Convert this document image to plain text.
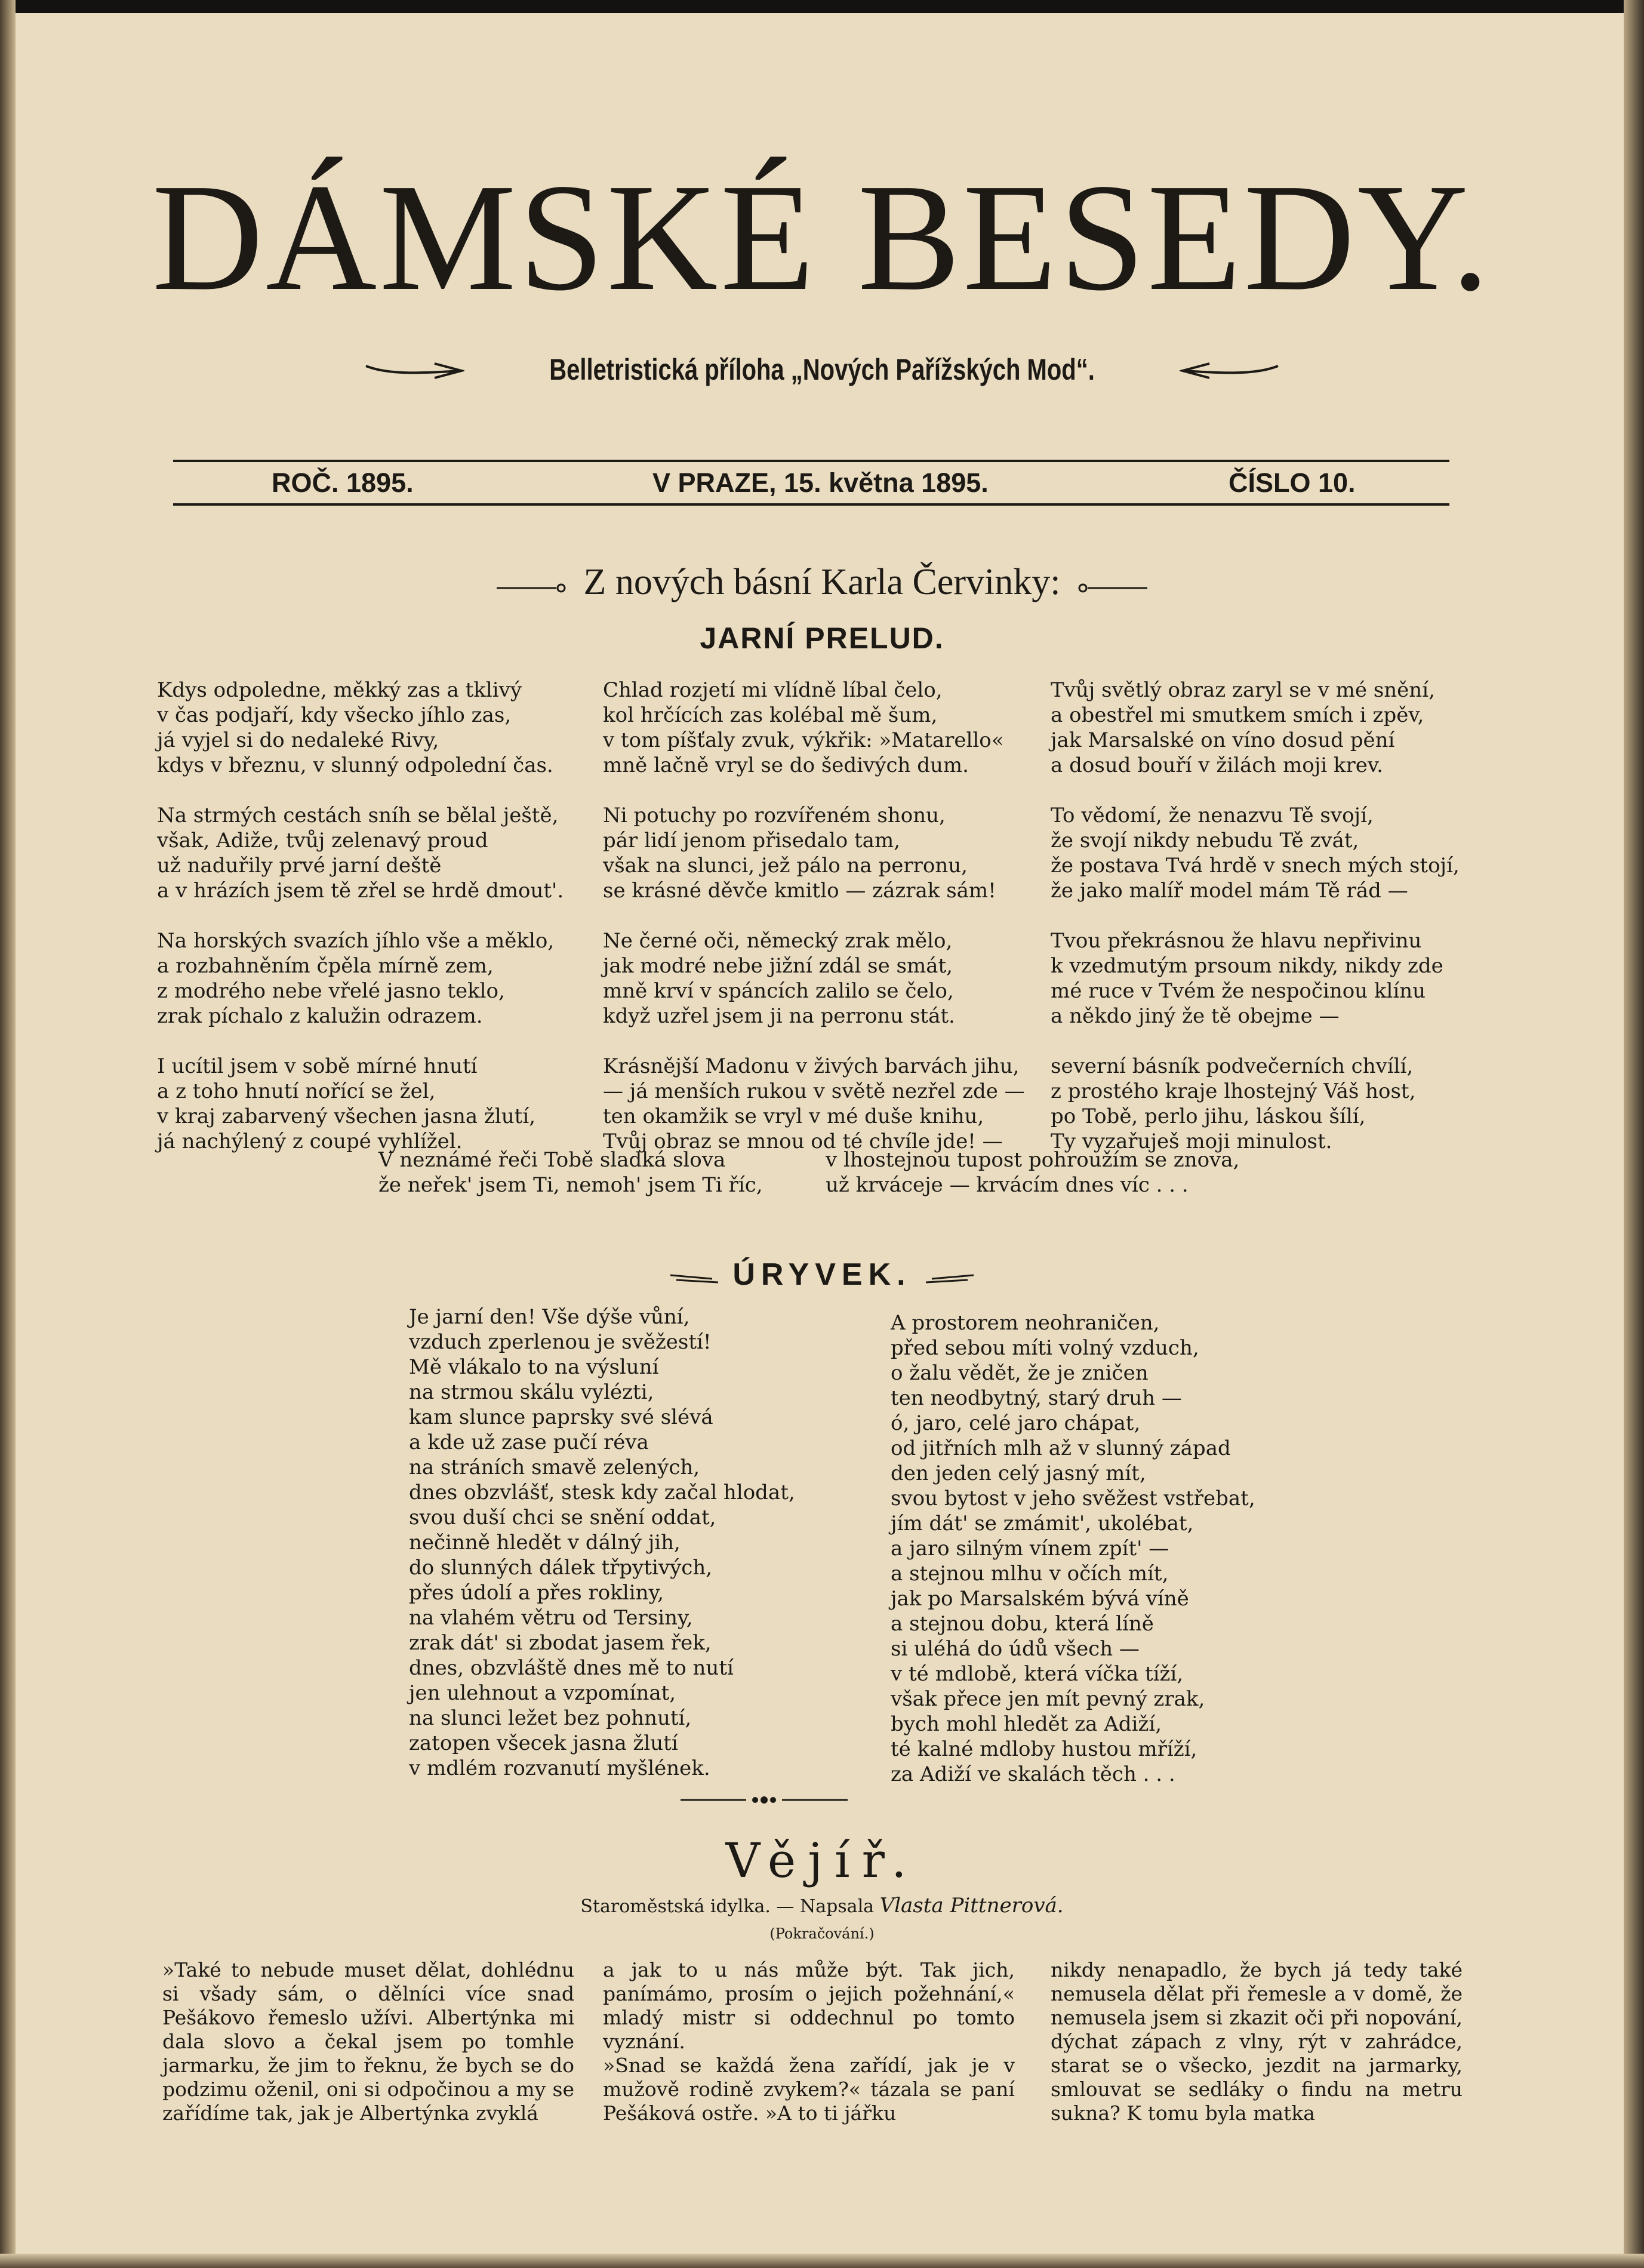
DÁMSKÉ BESEDY.
Belletristická příloha „Nových Pařížských Mod“.
ROČ. 1895.	V PRAZE, 15. května 1895.	ČÍSLO 10.
Z nových básní Karla Červinky:
JARNÍ PRELUD.
Kdys odpoledne, měkký zas a tklivý
v čas podjaří, kdy všecko jíhlo zas,
já vyjel si do nedaleké Rivy,
kdys v březnu, v slunný odpolední čas.
Na strmých cestách sníh se bělal ještě,
však, Adiže, tvůj zelenavý proud
už naduřily prvé jarní deště
a v hrázích jsem tě zřel se hrdě dmout'.
Na horských svazích jíhlo vše a měklo,
a rozbahněním čpěla mírně zem,
z modrého nebe vřelé jasno teklo,
zrak píchalo z kalužin odrazem.
I ucítil jsem v sobě mírné hnutí
a z toho hnutí nořící se žel,
v kraj zabarvený všechen jasna žlutí,
já nachýlený z coupé vyhlížel.
Chlad rozjetí mi vlídně líbal čelo,
kol hrčících zas kolébal mě šum,
v tom píšťaly zvuk, výkřik: »Matarello«
mně lačně vryl se do šedivých dum.
Ni potuchy po rozvířeném shonu,
pár lidí jenom přisedalo tam,
však na slunci, jež pálo na perronu,
se krásné děvče kmitlo — zázrak sám!
Ne černé oči, německý zrak mělo,
jak modré nebe jižní zdál se smát,
mně krví v spáncích zalilo se čelo,
když uzřel jsem ji na perronu stát.
Krásnější Madonu v živých barvách jihu,
— já menších rukou v světě nezřel zde —
ten okamžik se vryl v mé duše knihu,
Tvůj obraz se mnou od té chvíle jde! —
Tvůj světlý obraz zaryl se v mé snění,
a obestřel mi smutkem smích i zpěv,
jak Marsalské on víno dosud pění
a dosud bouří v žilách moji krev.
To vědomí, že nenazvu Tě svojí,
že svojí nikdy nebudu Tě zvát,
že postava Tvá hrdě v snech mých stojí,
že jako malíř model mám Tě rád —
Tvou překrásnou že hlavu nepřivinu
k vzedmutým prsoum nikdy, nikdy zde
mé ruce v Tvém že nespočinou klínu
a někdo jiný že tě obejme —
severní básník podvečerních chvílí,
z prostého kraje lhostejný Váš host,
po Tobě, perlo jihu, láskou šílí,
Ty vyzařuješ moji minulost.
V neznámé řeči Tobě sladká slova
že neřek' jsem Ti, nemoh' jsem Ti říc,
v lhostejnou tupost pohroužím se znova,
už krváceje — krvácím dnes víc . . .
ÚRYVEK.
Je jarní den! Vše dýše vůní,
vzduch zperlenou je svěžestí!
Mě vlákalo to na výsluní
na strmou skálu vylézti,
kam slunce paprsky své slévá
a kde už zase pučí réva
na stráních smavě zelených,
dnes obzvlášť, stesk kdy začal hlodat,
svou duší chci se snění oddat,
nečinně hledět v dálný jih,
do slunných dálek třpytivých,
přes údolí a přes rokliny,
na vlahém větru od Tersiny,
zrak dát' si zbodat jasem řek,
dnes, obzvláště dnes mě to nutí
jen ulehnout a vzpomínat,
na slunci ležet bez pohnutí,
zatopen všecek jasna žlutí
v mdlém rozvanutí myšlének.
A prostorem neohraničen,
před sebou míti volný vzduch,
o žalu vědět, že je zničen
ten neodbytný, starý druh —
ó, jaro, celé jaro chápat,
od jitřních mlh až v slunný západ
den jeden celý jasný mít,
svou bytost v jeho svěžest vstřebat,
jím dát' se zmámit', ukolébat,
a jaro silným vínem zpít' —
a stejnou mlhu v očích mít,
jak po Marsalském bývá víně
a stejnou dobu, která líně
si uléhá do údů všech —
v té mdlobě, která víčka tíží,
však přece jen mít pevný zrak,
bych mohl hledět za Adiží,
té kalné mdloby hustou mříží,
za Adiží ve skalách těch . . .
Vějíř.
Staroměstská idylka. — Napsala Vlasta Pittnerová.
(Pokračování.)
»Také to nebude muset dělat, dohlédnu si všady sám, o dělníci více snad Pešákovo řemeslo užívi. Albertýnka mi dala slovo a čekal jsem po tomhle jarmarku, že jim to řeknu, že bych se do podzimu oženil, oni si odpočinou a my se zařídíme tak, jak je Albertýnka zvyklá
a jak to u nás může být. Tak jich, panímámo, prosím o jejich požehnání,« mladý mistr si oddechnul po tomto vyznání.
»Snad se každá žena zařídí, jak je v mužově rodině zvykem?« tázala se paní Pešáková ostře. »A to ti jářku
nikdy nenapadlo, že bych já tedy také nemusela dělat při řemesle a v domě, že nemusela jsem si zkazit oči při nopování, dýchat zápach z vlny, rýt v zahrádce, starat se o všecko, jezdit na jarmarky, smlouvat se sedláky o findu na metru sukna? K tomu byla matka
